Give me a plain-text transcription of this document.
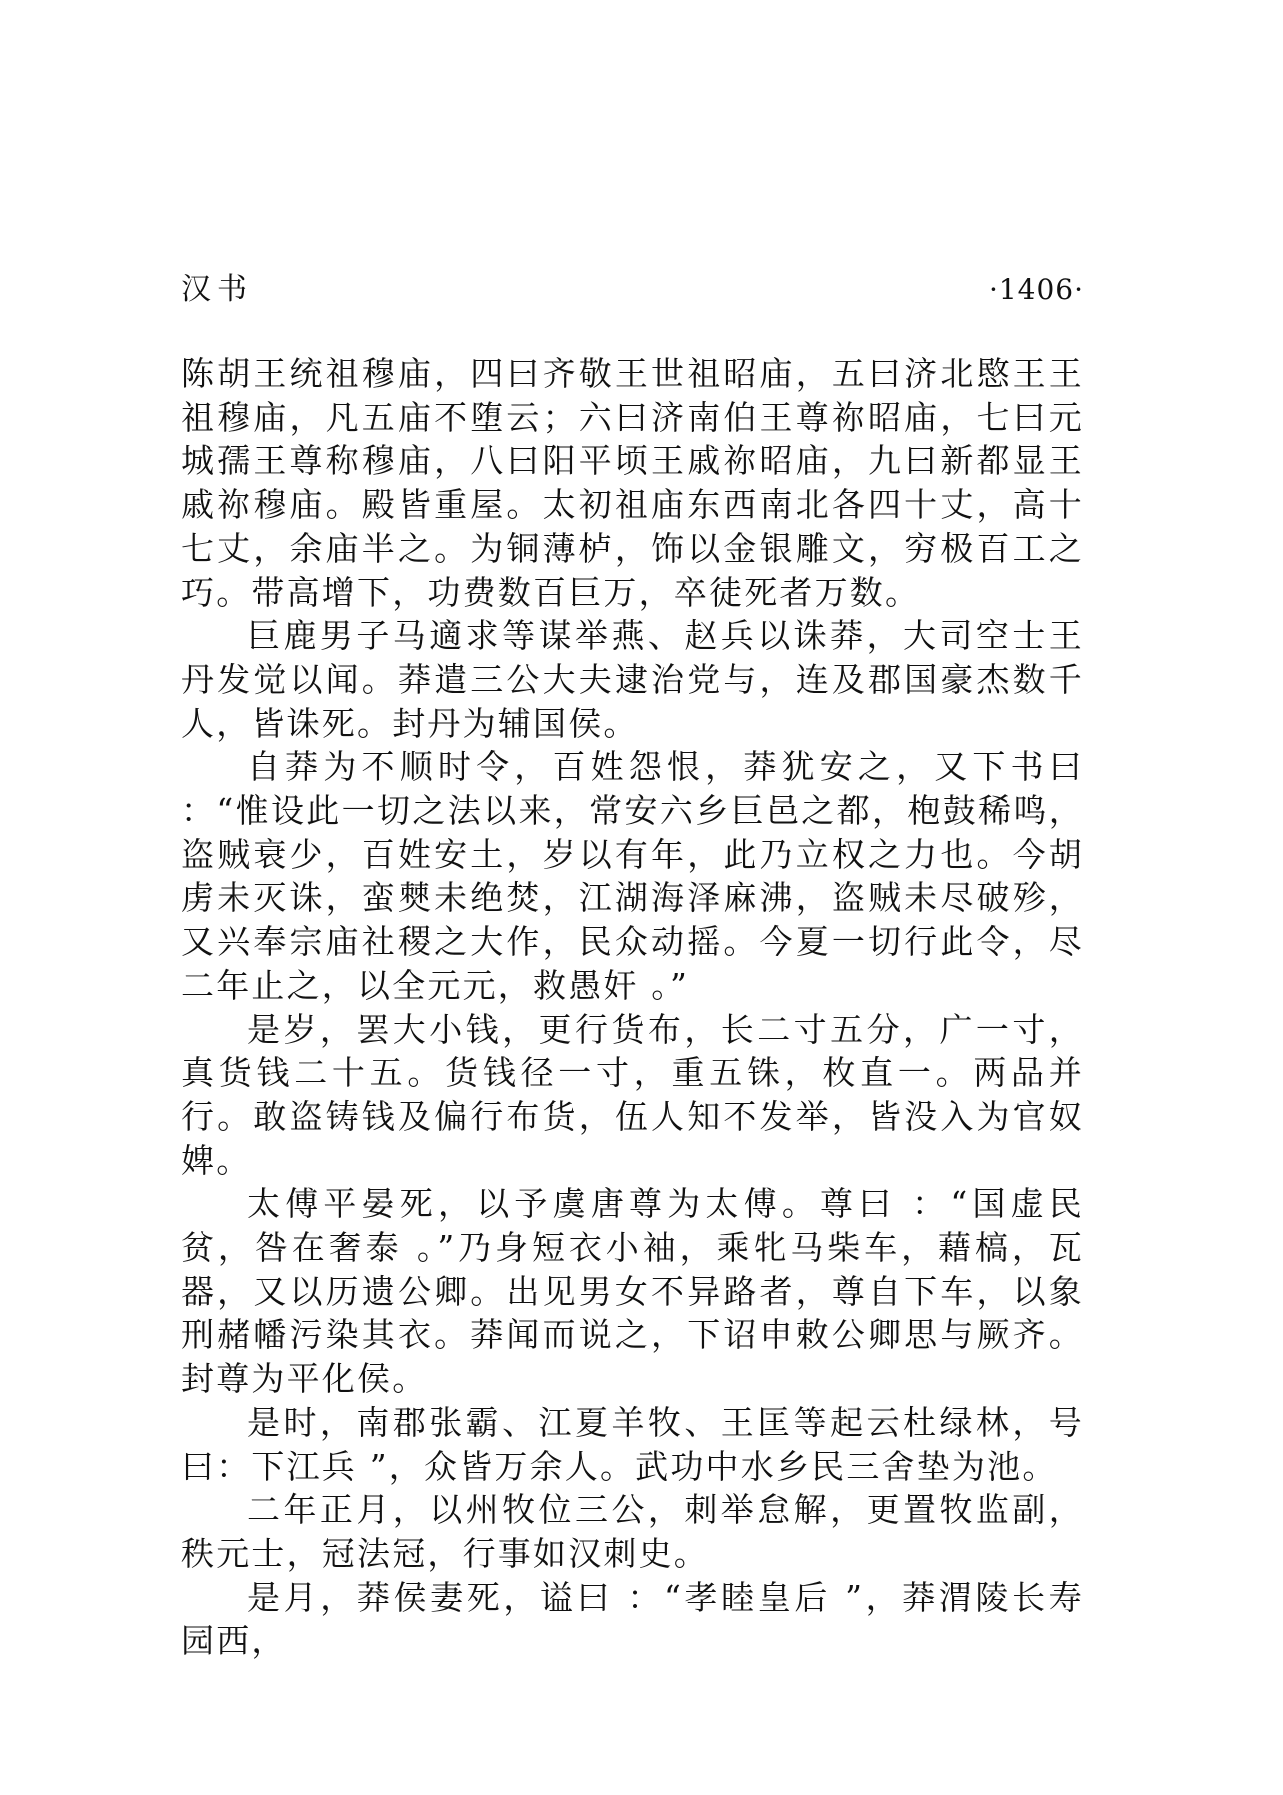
汉书	·1406·

陈胡王统祖穆庙，四曰齐敬王世祖昭庙，五曰济北愍王王祖穆庙，凡五庙不堕云；六曰济南伯王尊祢昭庙，七曰元城孺王尊称穆庙，八曰阳平顷王戚祢昭庙，九曰新都显王戚祢穆庙。殿皆重屋。太初祖庙东西南北各四十丈，高十七丈，余庙半之。为铜薄栌，饰以金银雕文，穷极百工之巧。带高增下，功费数百巨万，卒徒死者万数。

巨鹿男子马適求等谋举燕、赵兵以诛莽，大司空士王丹发觉以闻。莽遣三公大夫逮治党与，连及郡国豪杰数千人，皆诛死。封丹为辅国侯。

自莽为不顺时令，百姓怨恨，莽犹安之，又下书曰 ：“惟设此一切之法以来，常安六乡巨邑之都，枹鼓稀鸣，盗贼衰少，百姓安土，岁以有年，此乃立权之力也。今胡虏未灭诛，蛮僰未绝焚，江湖海泽麻沸，盗贼未尽破殄，又兴奉宗庙社稷之大作，民众动摇。今夏一切行此令，尽二年止之，以全元元，救愚奸 。”

是岁，罢大小钱，更行货布，长二寸五分，广一寸，真货钱二十五。货钱径一寸，重五铢，枚直一。两品并行。敢盗铸钱及偏行布货，伍人知不发举，皆没入为官奴婢。

太傅平晏死，以予虞唐尊为太傅。尊曰 ：“国虚民贫，咎在奢泰 。”乃身短衣小袖，乘牝马柴车，藉槁，瓦器，又以历遗公卿。出见男女不异路者，尊自下车，以象刑赭幡污染其衣。莽闻而说之，下诏申敕公卿思与厥齐。封尊为平化侯。

是时，南郡张霸、江夏羊牧、王匡等起云杜绿林，号曰：下江兵 ”，众皆万余人。武功中水乡民三舍垫为池。

二年正月，以州牧位三公，刺举怠解，更置牧监副，秩元士，冠法冠，行事如汉刺史。

是月，莽侯妻死，谥曰 ：“孝睦皇后 ”，莽渭陵长寿园西，
